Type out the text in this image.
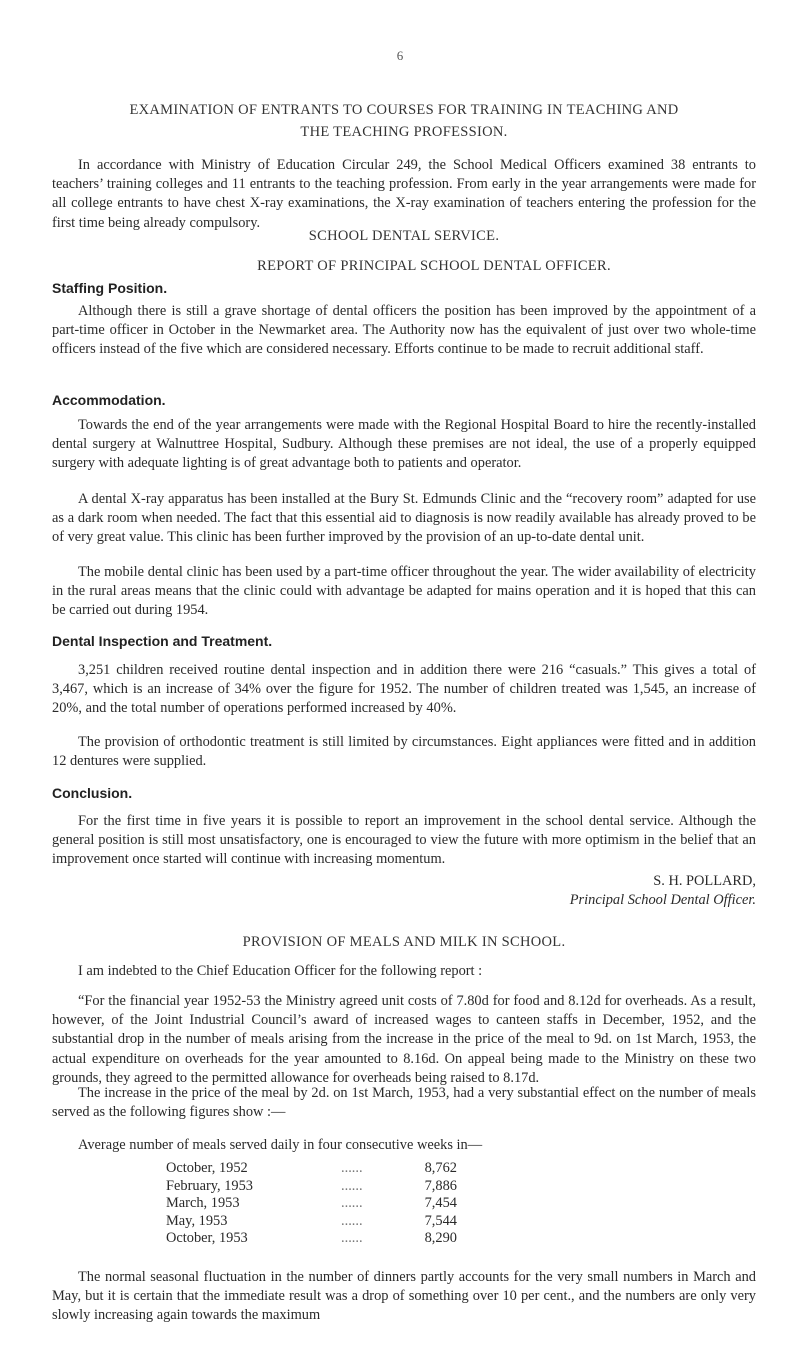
6
EXAMINATION OF ENTRANTS TO COURSES FOR TRAINING IN TEACHING AND
THE TEACHING PROFESSION.

In accordance with Ministry of Education Circular 249, the School Medical Officers examined 38 entrants to teachers’ training colleges and 11 entrants to the teaching profession. From early in the year arrangements were made for all college entrants to have chest X-ray examinations, the X-ray examination of teachers entering the profession for the first time being already compulsory.

SCHOOL DENTAL SERVICE.
REPORT OF PRINCIPAL SCHOOL DENTAL OFFICER.
Staffing Position.

Although there is still a grave shortage of dental officers the position has been improved by the appointment of a part-time officer in October in the Newmarket area. The Authority now has the equivalent of just over two whole-time officers instead of the five which are considered necessary. Efforts continue to be made to recruit additional staff.

Accommodation.

Towards the end of the year arrangements were made with the Regional Hospital Board to hire the recently-installed dental surgery at Walnuttree Hospital, Sudbury. Although these premises are not ideal, the use of a properly equipped surgery with adequate lighting is of great advantage both to patients and operator.

A dental X-ray apparatus has been installed at the Bury St. Edmunds Clinic and the “recovery room” adapted for use as a dark room when needed. The fact that this essential aid to diagnosis is now readily available has already proved to be of very great value. This clinic has been further improved by the provision of an up-to-date dental unit.

The mobile dental clinic has been used by a part-time officer throughout the year. The wider availability of electricity in the rural areas means that the clinic could with advantage be adapted for mains operation and it is hoped that this can be carried out during 1954.

Dental Inspection and Treatment.

3,251 children received routine dental inspection and in addition there were 216 “casuals.” This gives a total of 3,467, which is an increase of 34% over the figure for 1952. The number of children treated was 1,545, an increase of 20%, and the total number of operations performed increased by 40%.

The provision of orthodontic treatment is still limited by circumstances. Eight appliances were fitted and in addition 12 dentures were supplied.

Conclusion.

For the first time in five years it is possible to report an improvement in the school dental service. Although the general position is still most unsatisfactory, one is encouraged to view the future with more optimism in the belief that an improvement once started will continue with increasing momentum.

S. H. POLLARD,
Principal School Dental Officer.
PROVISION OF MEALS AND MILK IN SCHOOL.

I am indebted to the Chief Education Officer for the following report :

“For the financial year 1952-53 the Ministry agreed unit costs of 7.80d for food and 8.12d for overheads. As a result, however, of the Joint Industrial Council’s award of increased wages to canteen staffs in December, 1952, and the substantial drop in the number of meals arising from the increase in the price of the meal to 9d. on 1st March, 1953, the actual expenditure on overheads for the year amounted to 8.16d. On appeal being made to the Ministry on these two grounds, they agreed to the permitted allowance for overheads being raised to 8.17d.

The increase in the price of the meal by 2d. on 1st March, 1953, had a very substantial effect on the number of meals served as the following figures show :—

Average number of meals served daily in four consecutive weeks in—

October, 1952	......	8,762
February, 1953	......	7,886
March, 1953	......	7,454
May, 1953	......	7,544
October, 1953	......	8,290

The normal seasonal fluctuation in the number of dinners partly accounts for the very small numbers in March and May, but it is certain that the immediate result was a drop of something over 10 per cent., and the numbers are only very slowly increasing again towards the maximum
